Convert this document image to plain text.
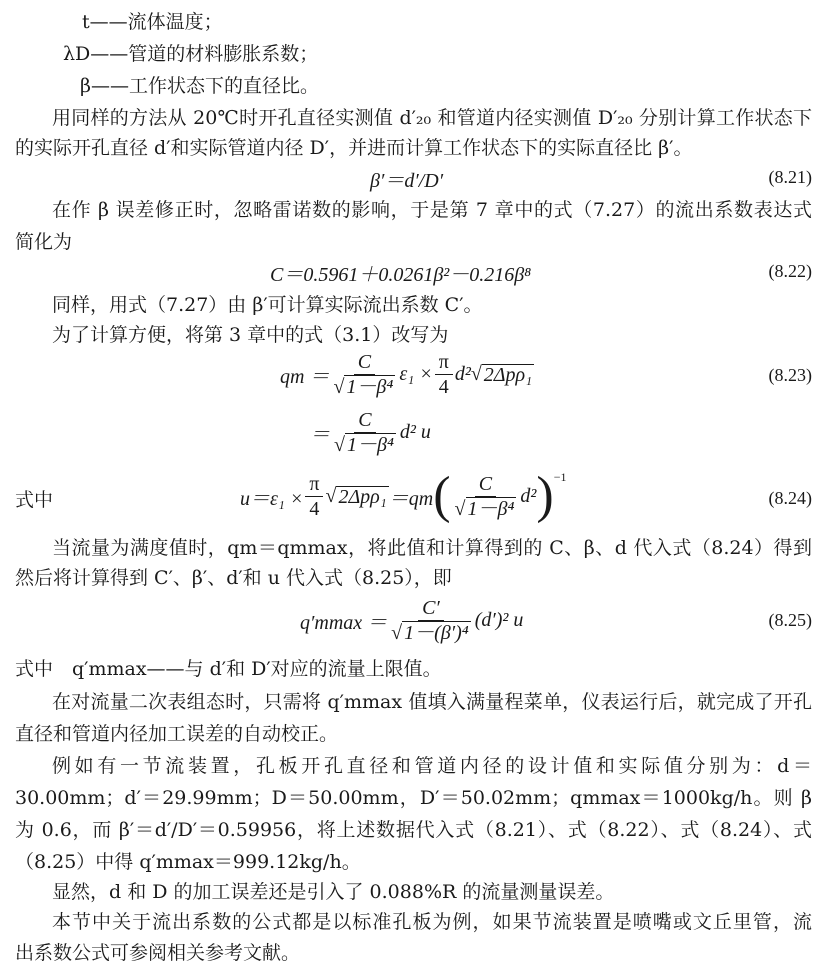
t——流体温度；
λD——管道的材料膨胀系数；
β——工作状态下的直径比。
用同样的方法从 20℃时开孔直径实测值 d′₂₀ 和管道内径实测值 D′₂₀ 分别计算工作状态下
的实际开孔直径 d′和实际管道内径 D′，并进而计算工作状态下的实际直径比 β′。
β′＝d′/D′	(8.21)
在作 β 误差修正时，忽略雷诺数的影响，于是第 7 章中的式（7.27）的流出系数表达式
简化为
C＝0.5961＋0.0261β²－0.216β⁸	(8.22)
同样，用式（7.27）由 β′可计算实际流出系数 C′。
为了计算方便，将第 3 章中的式（3.1）改写为
qm ＝ $\frac{C}{\text{√ 1－β⁴}} \varepsilon_1 \times \frac{\pi}{4} d^2$ √ 2Δpρ₁	(8.23)
＝ $\frac{C}{\text{√ 1－β⁴}} d^2$ u
式中	$u=\varepsilon_1 \times \frac{\pi}{4}$ √ 2Δpρ₁ ＝qm ( $\frac{C}{\text{√ 1－β⁴}} d^2$ )$^{-1}$
(8.24)
当流量为满度值时，qm＝qmmax，将此值和计算得到的 C、β、d 代入式（8.24）得到
然后将计算得到 C′、β′、d′和 u 代入式（8.25），即
$q'mmax = \frac{C'}{\text{√ 1－(β′)⁴}} (d')^2$ u	(8.25)
式中　q′mmax——与 d′和 D′对应的流量上限值。
在对流量二次表组态时，只需将 q′mmax 值填入满量程菜单，仪表运行后，就完成了开孔
直径和管道内径加工误差的自动校正。
例如有一节流装置，孔板开孔直径和管道内径的设计值和实际值分别为：d＝
30.00mm；d′＝29.99mm；D＝50.00mm，D′＝50.02mm；qmmax＝1000kg/h。则 β
为 0.6，而 β′＝d′/D′＝0.59956，将上述数据代入式（8.21）、式（8.22）、式（8.24）、式
（8.25）中得 q′mmax＝999.12kg/h。
显然，d 和 D 的加工误差还是引入了 0.088%R 的流量测量误差。
本节中关于流出系数的公式都是以标准孔板为例，如果节流装置是喷嘴或文丘里管，流
出系数公式可参阅相关参考文献。
